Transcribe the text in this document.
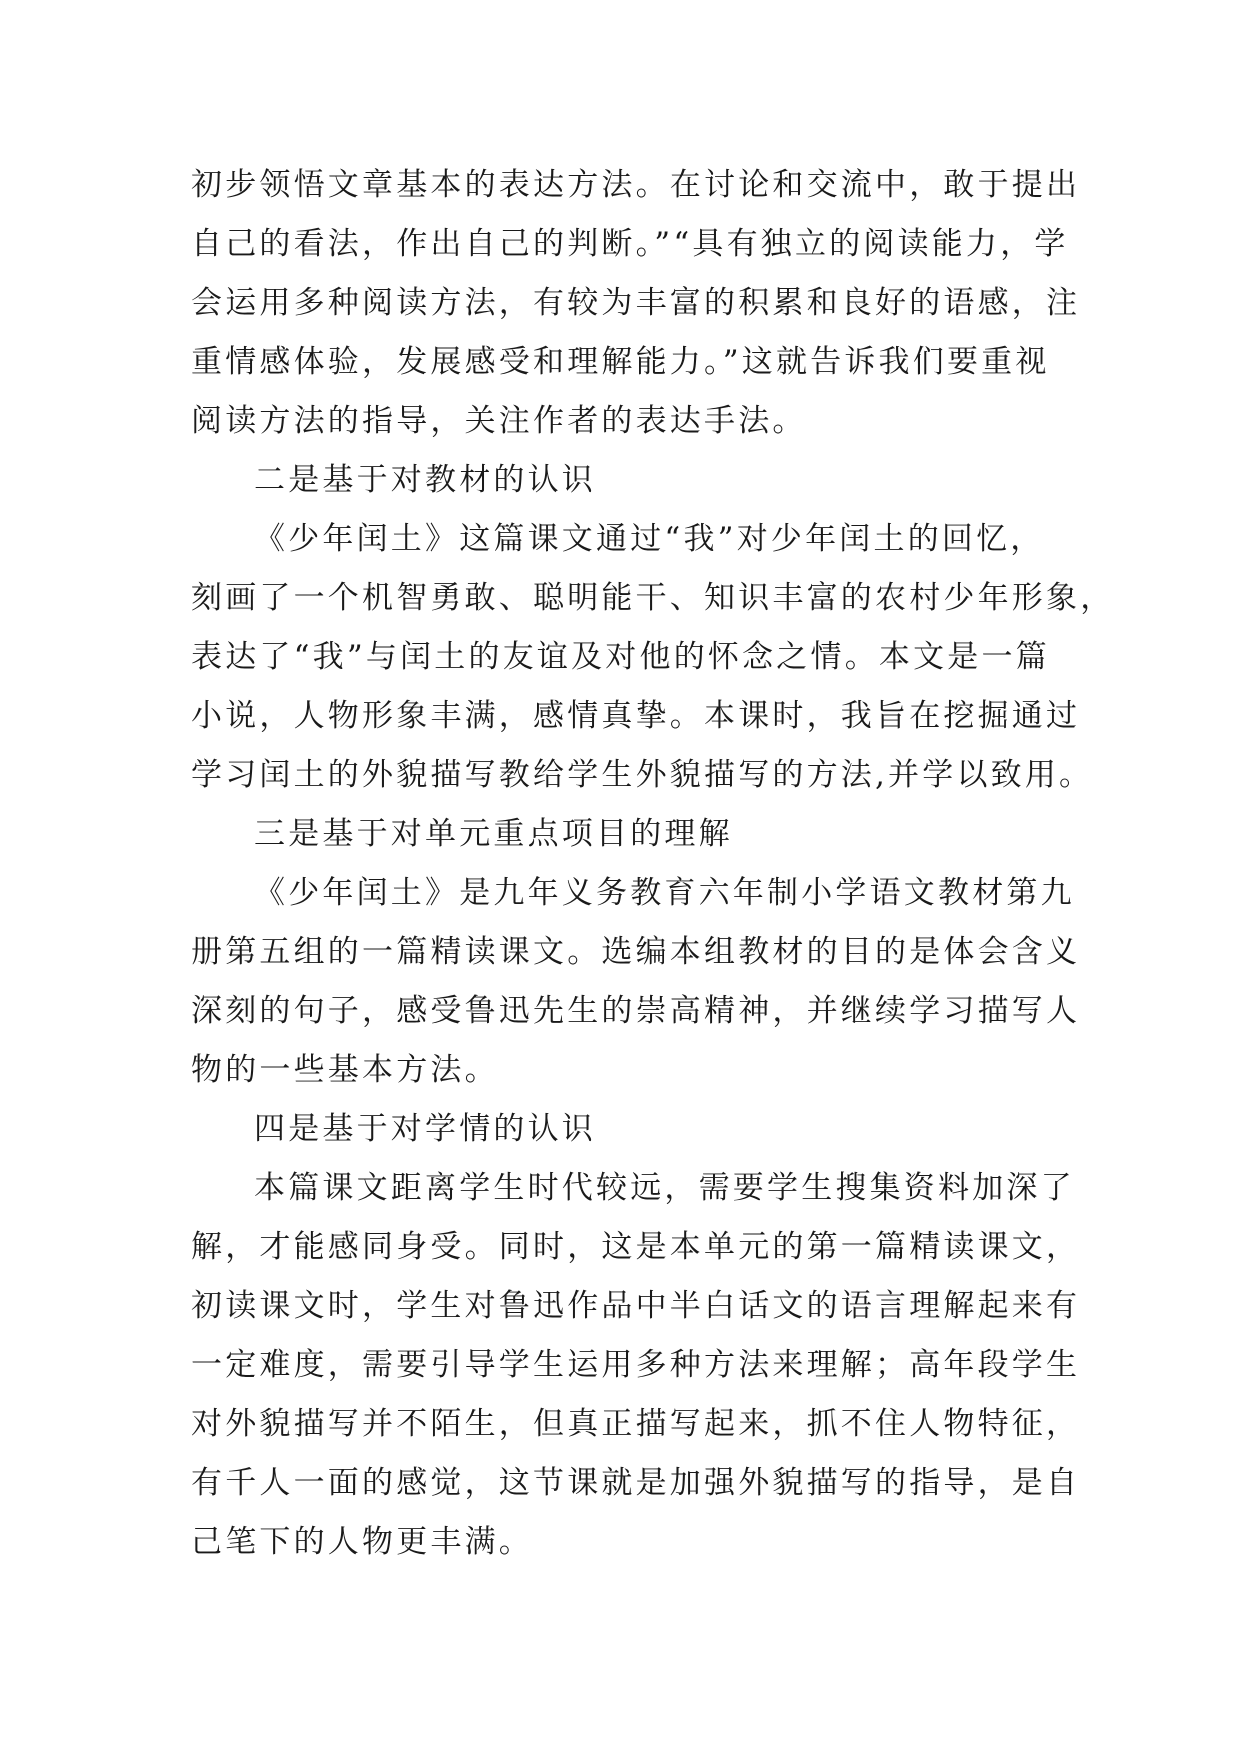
初步领悟文章基本的表达方法。在讨论和交流中，敢于提出
自己的看法，作出自己的判断。”“具有独立的阅读能力，学
会运用多种阅读方法，有较为丰富的积累和良好的语感，注
重情感体验，发展感受和理解能力。”这就告诉我们要重视
阅读方法的指导，关注作者的表达手法。
二是基于对教材的认识
《少年闰土》这篇课文通过“我”对少年闰土的回忆，
刻画了一个机智勇敢、聪明能干、知识丰富的农村少年形象，
表达了“我”与闰土的友谊及对他的怀念之情。本文是一篇
小说，人物形象丰满，感情真挚。本课时，我旨在挖掘通过
学习闰土的外貌描写教给学生外貌描写的方法,并学以致用。
三是基于对单元重点项目的理解
《少年闰土》是九年义务教育六年制小学语文教材第九
册第五组的一篇精读课文。选编本组教材的目的是体会含义
深刻的句子，感受鲁迅先生的崇高精神，并继续学习描写人
物的一些基本方法。
四是基于对学情的认识
本篇课文距离学生时代较远，需要学生搜集资料加深了
解，才能感同身受。同时，这是本单元的第一篇精读课文，
初读课文时，学生对鲁迅作品中半白话文的语言理解起来有
一定难度，需要引导学生运用多种方法来理解；高年段学生
对外貌描写并不陌生，但真正描写起来，抓不住人物特征，
有千人一面的感觉，这节课就是加强外貌描写的指导，是自
己笔下的人物更丰满。
